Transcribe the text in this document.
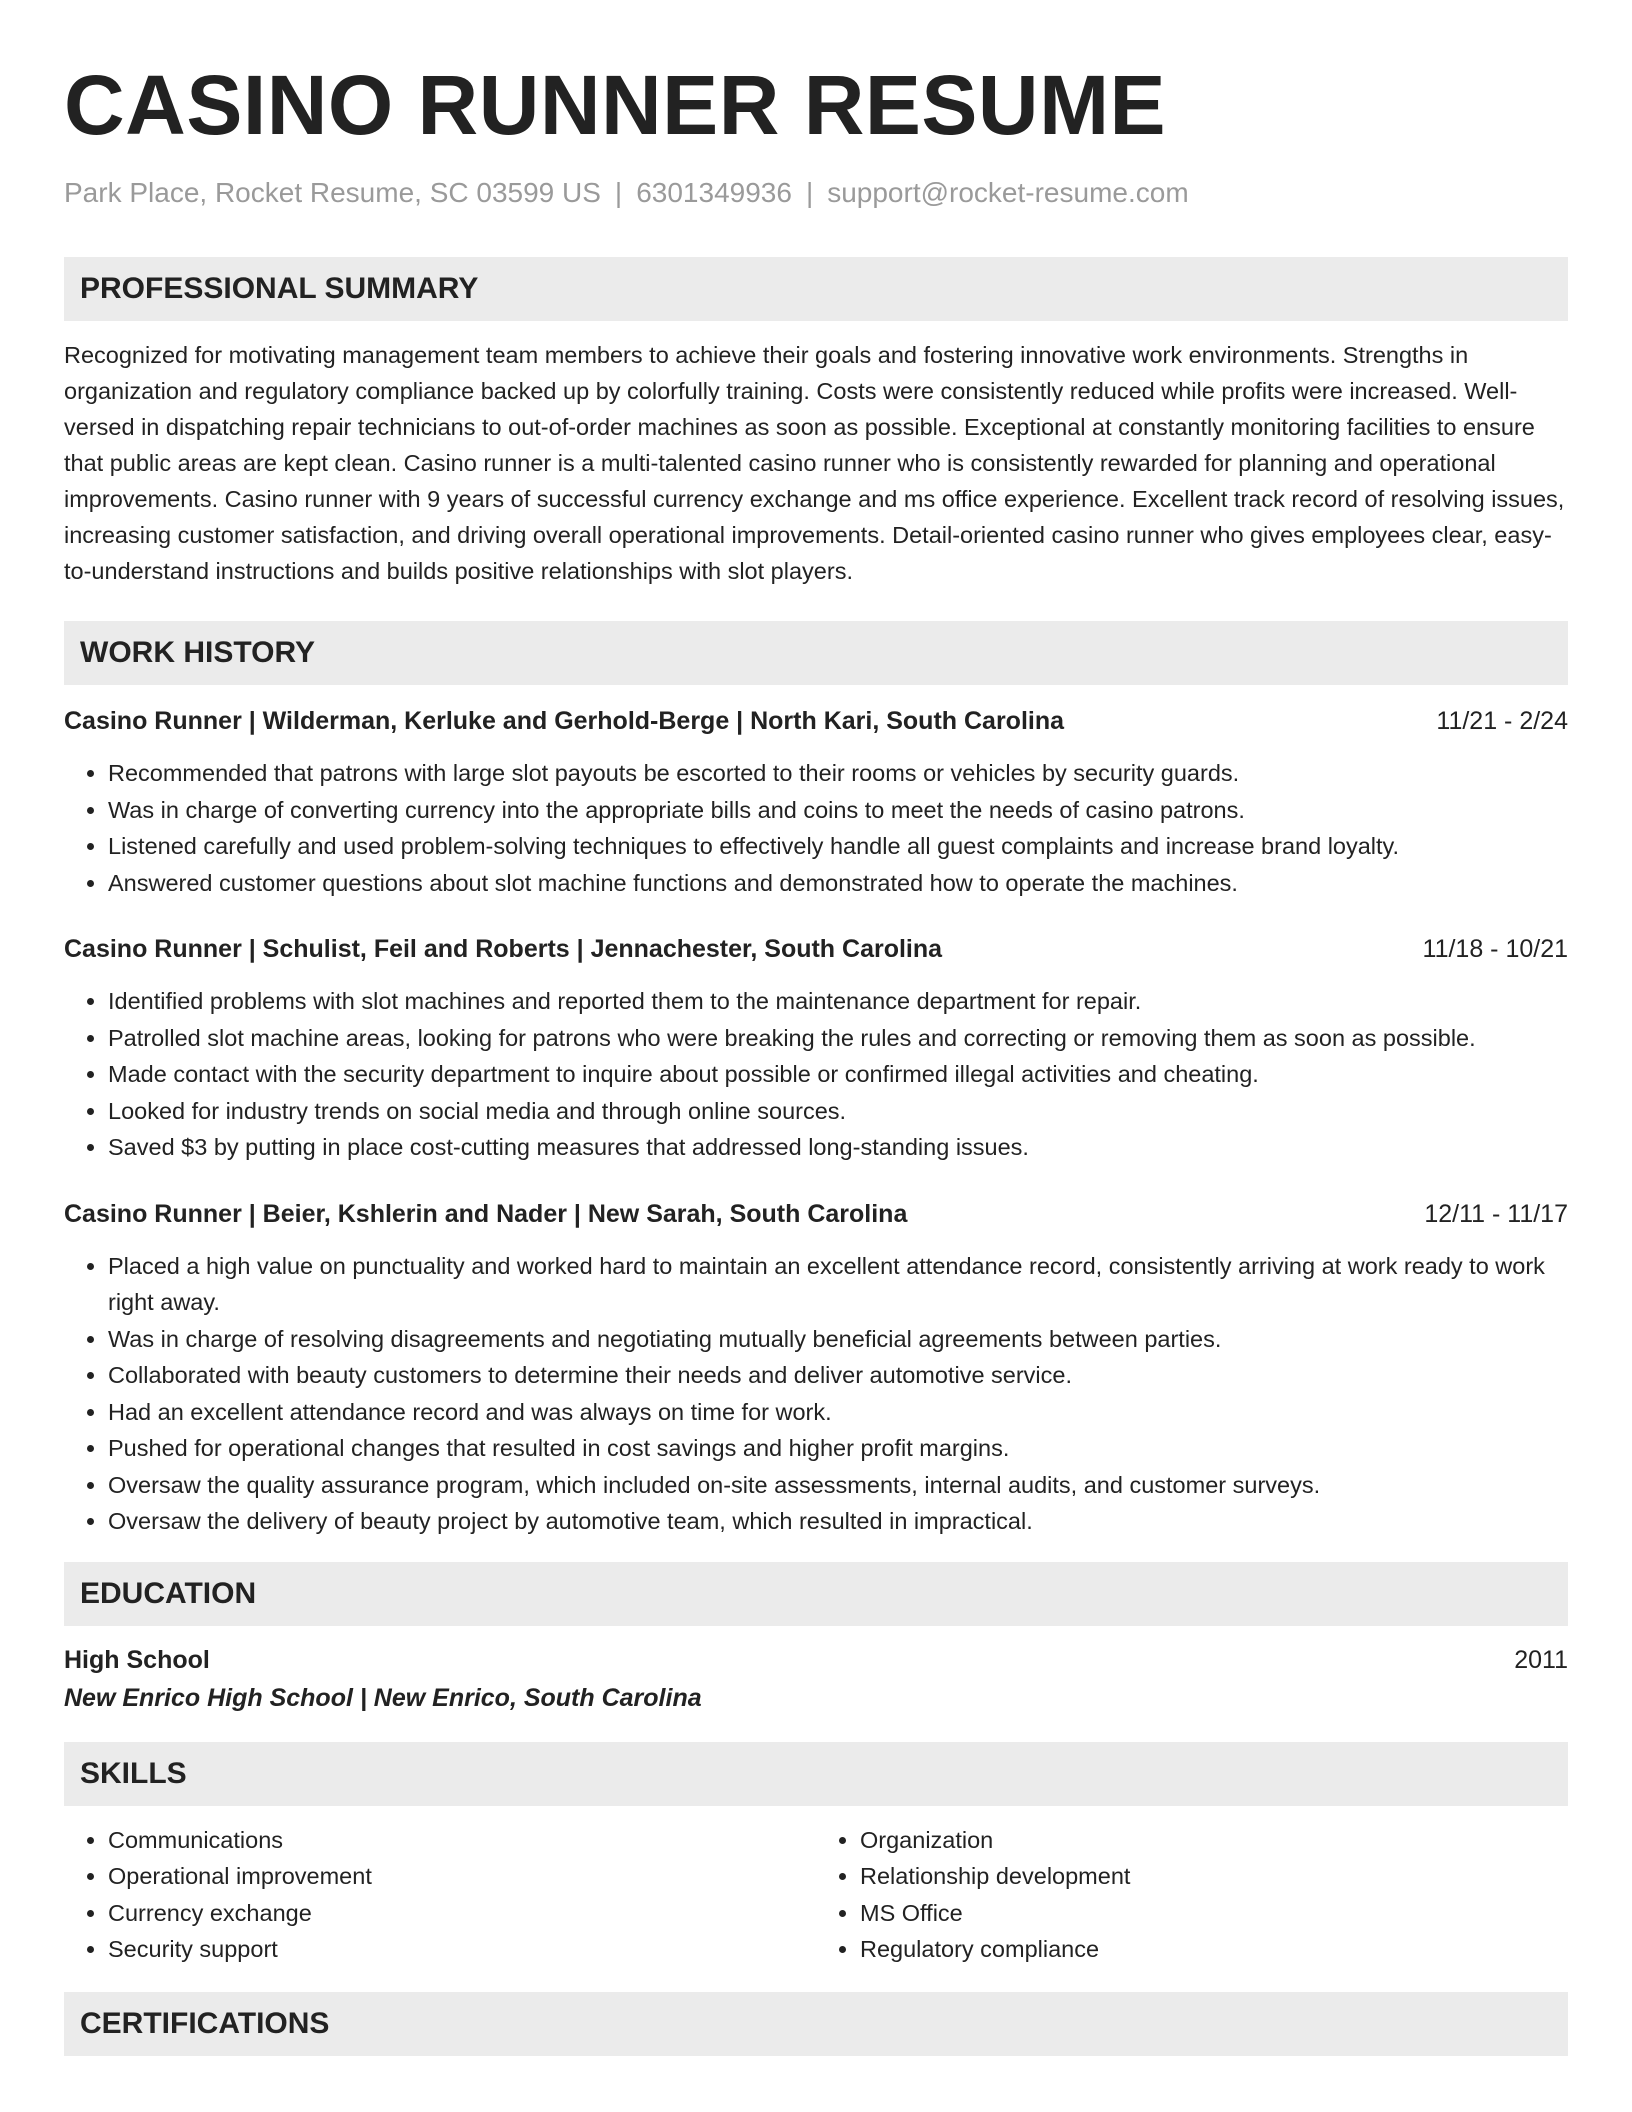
CASINO RUNNER RESUME
Park Place, Rocket Resume, SC 03599 US | 6301349936 | support@rocket-resume.com
PROFESSIONAL SUMMARY

Recognized for motivating management team members to achieve their goals and fostering innovative work environments. Strengths in organization and regulatory compliance backed up by colorfully training. Costs were consistently reduced while profits were increased. Well-versed in dispatching repair technicians to out-of-order machines as soon as possible. Exceptional at constantly monitoring facilities to ensure that public areas are kept clean. Casino runner is a multi-talented casino runner who is consistently rewarded for planning and operational improvements. Casino runner with 9 years of successful currency exchange and ms office experience. Excellent track record of resolving issues, increasing customer satisfaction, and driving overall operational improvements. Detail-oriented casino runner who gives employees clear, easy-to-understand instructions and builds positive relationships with slot players.

WORK HISTORY
Casino Runner | Wilderman, Kerluke and Gerhold-Berge | North Kari, South Carolina	11/21 - 2/24
• Recommended that patrons with large slot payouts be escorted to their rooms or vehicles by security guards.
• Was in charge of converting currency into the appropriate bills and coins to meet the needs of casino patrons.
• Listened carefully and used problem-solving techniques to effectively handle all guest complaints and increase brand loyalty.
• Answered customer questions about slot machine functions and demonstrated how to operate the machines.
Casino Runner | Schulist, Feil and Roberts | Jennachester, South Carolina	11/18 - 10/21
• Identified problems with slot machines and reported them to the maintenance department for repair.
• Patrolled slot machine areas, looking for patrons who were breaking the rules and correcting or removing them as soon as possible.
• Made contact with the security department to inquire about possible or confirmed illegal activities and cheating.
• Looked for industry trends on social media and through online sources.
• Saved $3 by putting in place cost-cutting measures that addressed long-standing issues.
Casino Runner | Beier, Kshlerin and Nader | New Sarah, South Carolina	12/11 - 11/17
• Placed a high value on punctuality and worked hard to maintain an excellent attendance record, consistently arriving at work ready to work right away.
• Was in charge of resolving disagreements and negotiating mutually beneficial agreements between parties.
• Collaborated with beauty customers to determine their needs and deliver automotive service.
• Had an excellent attendance record and was always on time for work.
• Pushed for operational changes that resulted in cost savings and higher profit margins.
• Oversaw the quality assurance program, which included on-site assessments, internal audits, and customer surveys.
• Oversaw the delivery of beauty project by automotive team, which resulted in impractical.
EDUCATION
High School	2011
New Enrico High School | New Enrico, South Carolina
SKILLS
• Communications
• Operational improvement
• Currency exchange
• Security support
• Organization
• Relationship development
• MS Office
• Regulatory compliance
CERTIFICATIONS
